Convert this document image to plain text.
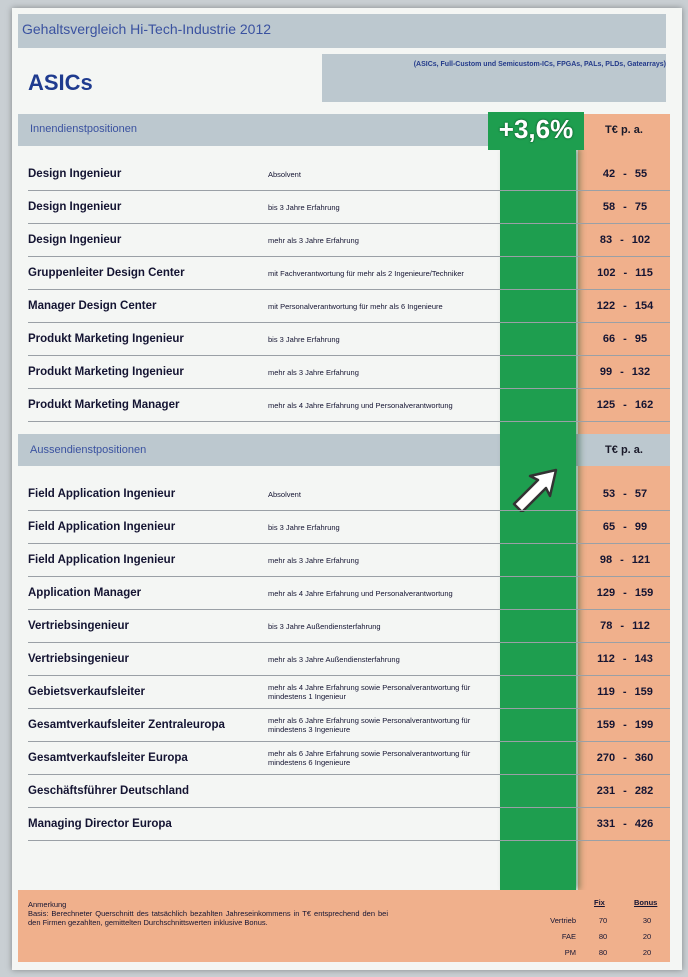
Gehaltsvergleich Hi-Tech-Industrie 2012
(ASICs, Full-Custom und Semicustom-ICs, FPGAs, PALs, PLDs, Gatearrays)
ASICs
Innendienstpositionen
Aussendienstpositionen
+3,6%	T€ p. a.
T€ p. a.
Design Ingenieur	Absolvent	42 - 55
Design Ingenieur	bis 3 Jahre Erfahrung	58 - 75
Design Ingenieur	mehr als 3 Jahre Erfahrung	83 - 102
Gruppenleiter Design Center	mit Fachverantwortung für mehr als 2 Ingenieure/Techniker	102 - 115
Manager Design Center	mit Personalverantwortung für mehr als 6 Ingenieure	122 - 154
Produkt Marketing Ingenieur	bis 3 Jahre Erfahrung	66 - 95
Produkt Marketing Ingenieur	mehr als 3 Jahre Erfahrung	99 - 132
Produkt Marketing Manager	mehr als 4 Jahre Erfahrung und Personalverantwortung	125 - 162
Field Application Ingenieur	Absolvent	53 - 57
Field Application Ingenieur	bis 3 Jahre Erfahrung	65 - 99
Field Application Ingenieur	mehr als 3 Jahre Erfahrung	98 - 121
Application Manager	mehr als 4 Jahre Erfahrung und Personalverantwortung	129 - 159
Vertriebsingenieur	bis 3 Jahre Außendiensterfahrung	78 - 112
Vertriebsingenieur	mehr als 3 Jahre Außendiensterfahrung	112 - 143
Gebietsverkaufsleiter	mehr als 4 Jahre Erfahrung sowie Personalverantwortung für mindestens 1 Ingenieur	119 - 159
Gesamtverkaufsleiter Zentraleuropa	mehr als 6 Jahre Erfahrung sowie Personalverantwortung für mindestens 3 Ingenieure	159 - 199
Gesamtverkaufsleiter Europa	mehr als 6 Jahre Erfahrung sowie Personalverantwortung für mindestens 6 Ingenieure	270 - 360
Geschäftsführer Deutschland	231 - 282
Managing Director Europa	331 - 426
Anmerkung
Basis: Berechneter Querschnitt des tatsächlich bezahlten Jahreseinkommens in T€ entsprechend den bei den Firmen gezahlten, gemittelten Durchschnittswerten inklusive Bonus.
Fix	Bonus
Vertrieb	70	30
FAE	80	20
PM	80	20
